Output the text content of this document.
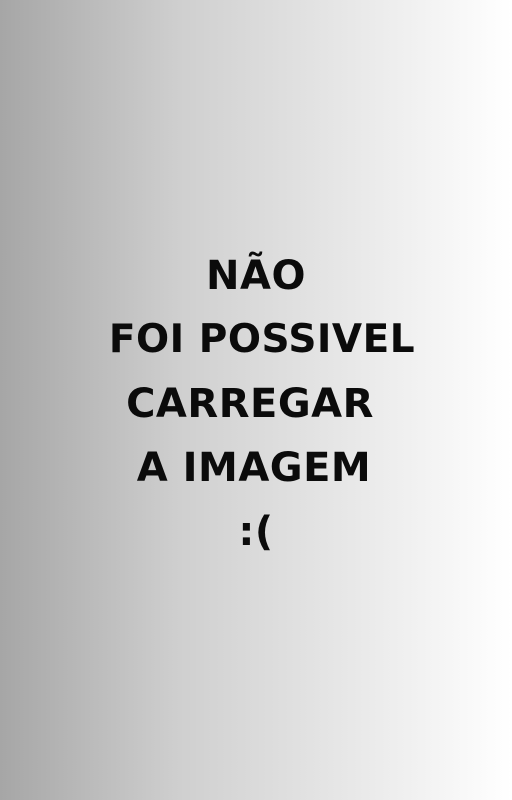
NÃO
FOI POSSIVEL
CARREGAR
A IMAGEM
:(
